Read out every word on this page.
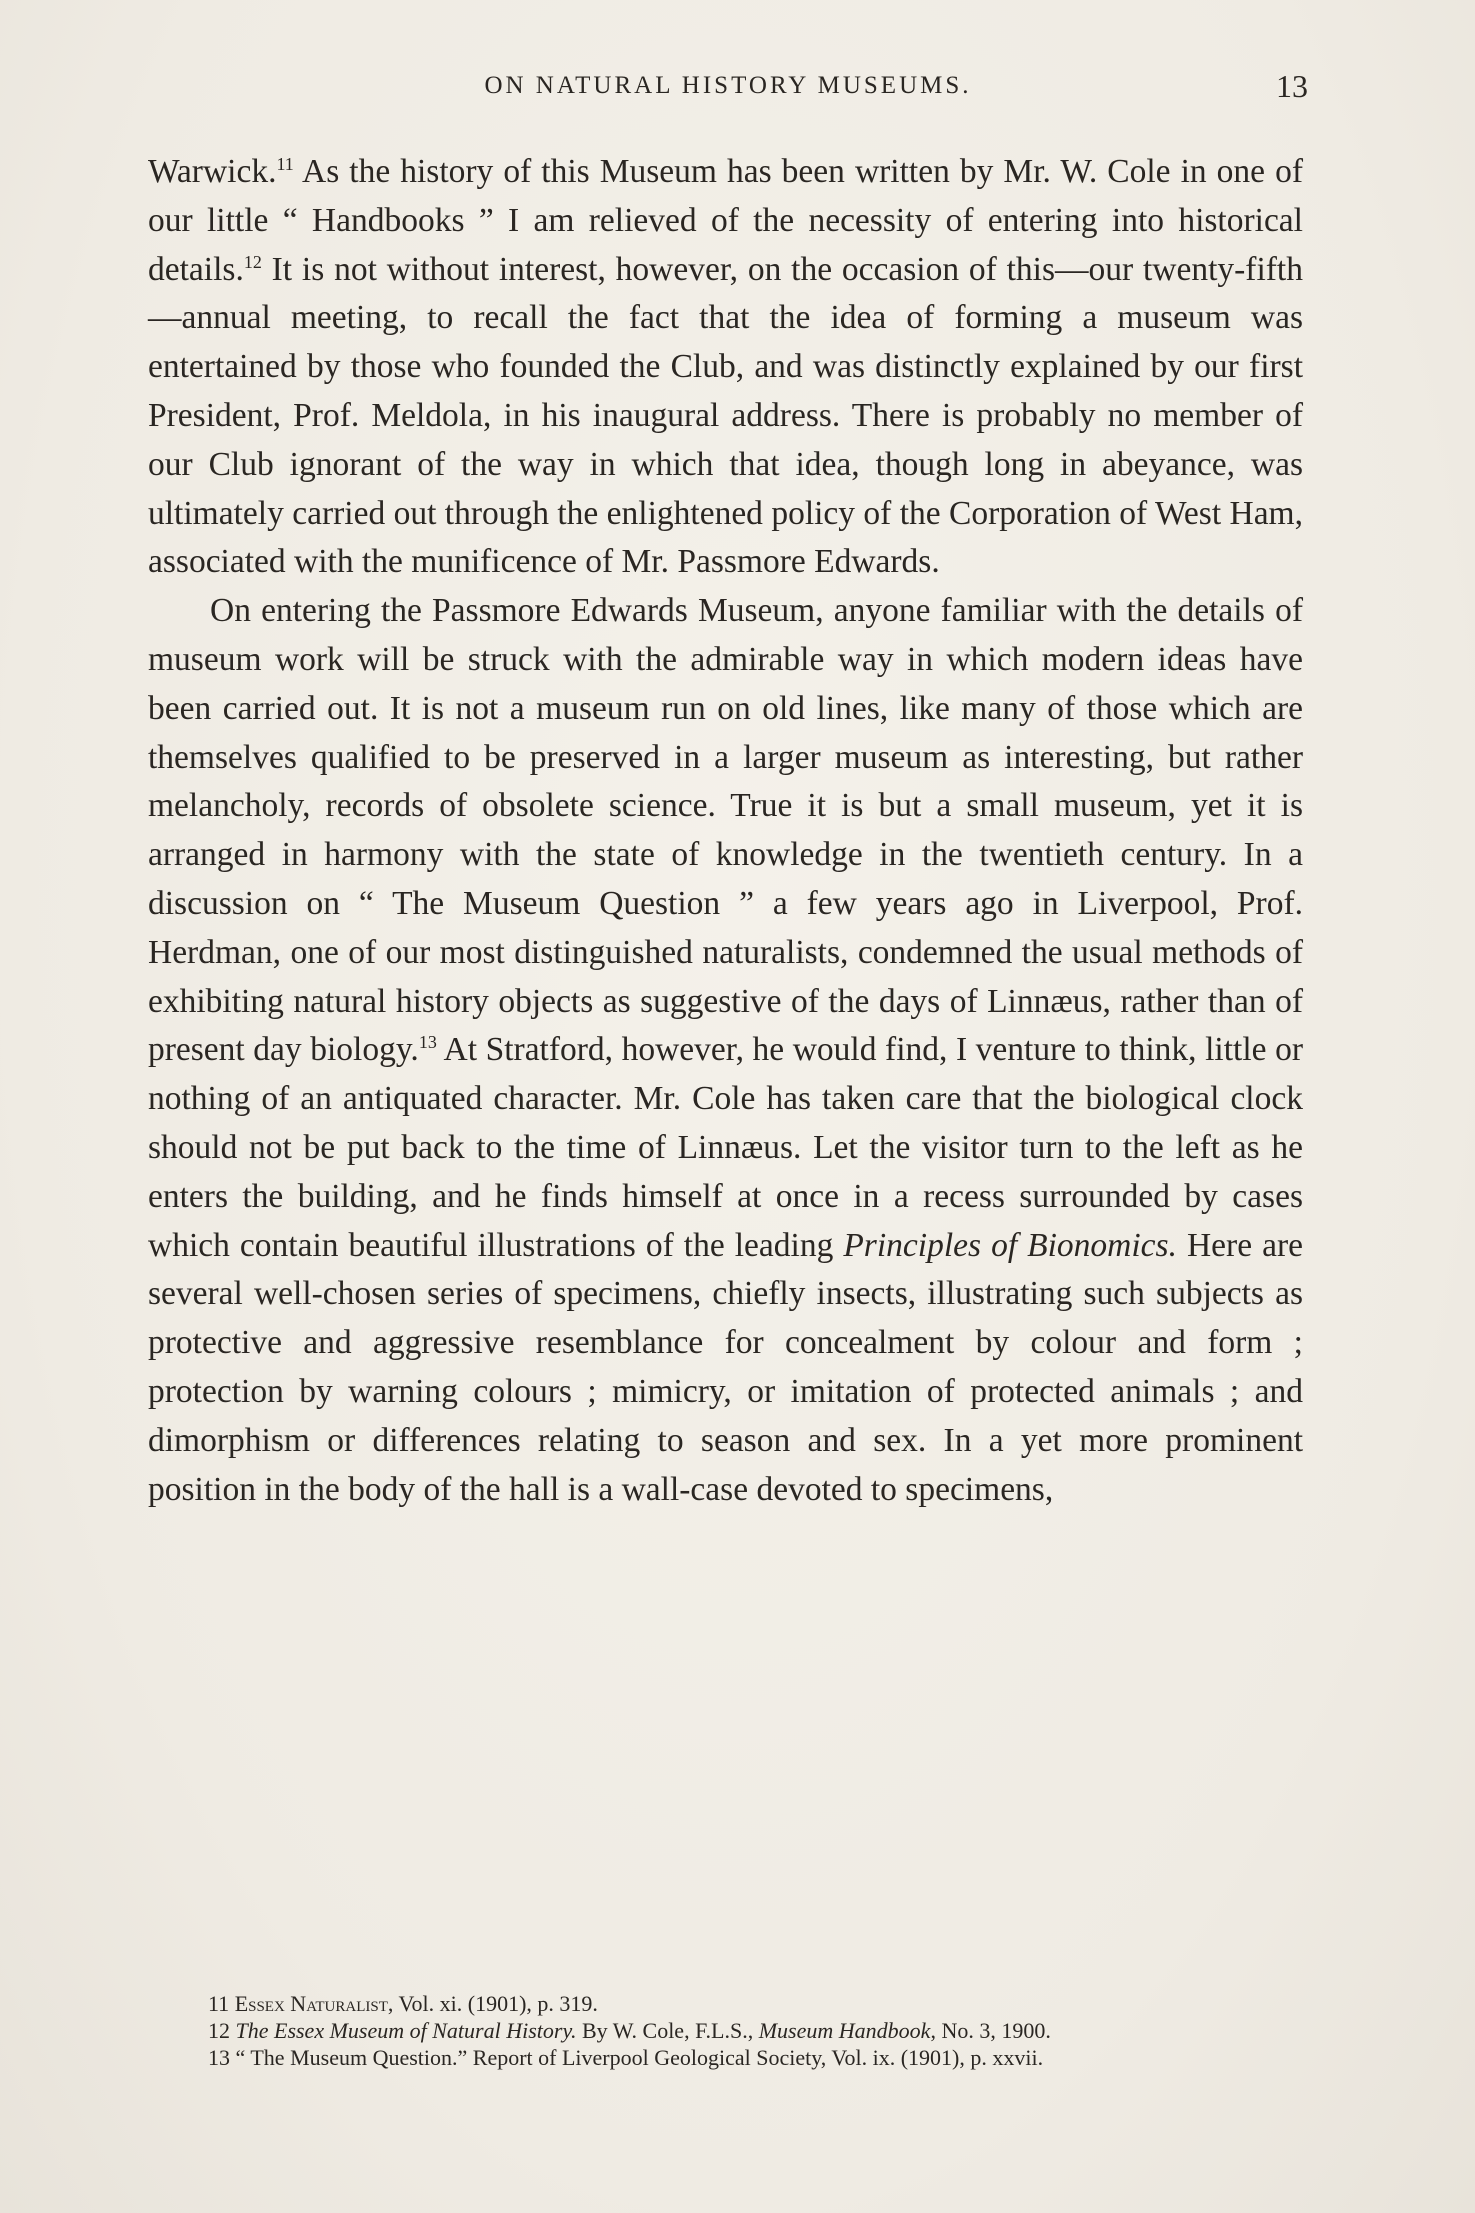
ON NATURAL HISTORY MUSEUMS.	13

Warwick.$^{11}$ As the history of this Museum has been written by Mr. W. Cole in one of our little “ Handbooks ” I am relieved of the necessity of entering into historical details.$^{12}$ It is not without interest, however, on the occasion of this—our twenty-fifth—annual meeting, to recall the fact that the idea of forming a museum was entertained by those who founded the Club, and was distinctly explained by our first President, Prof. Meldola, in his inaugural address. There is probably no member of our Club ignorant of the way in which that idea, though long in abeyance, was ultimately carried out through the enlightened policy of the Corporation of West Ham, associated with the munificence of Mr. Passmore Edwards.

On entering the Passmore Edwards Museum, anyone familiar with the details of museum work will be struck with the admirable way in which modern ideas have been carried out. It is not a museum run on old lines, like many of those which are themselves qualified to be preserved in a larger museum as interesting, but rather melancholy, records of obsolete science. True it is but a small museum, yet it is arranged in harmony with the state of knowledge in the twentieth century. In a discussion on “ The Museum Question ” a few years ago in Liverpool, Prof. Herdman, one of our most distinguished naturalists, condemned the usual methods of exhibiting natural history objects as suggestive of the days of Linnæus, rather than of present day biology.$^{13}$ At Stratford, however, he would find, I venture to think, little or nothing of an antiquated character. Mr. Cole has taken care that the biological clock should not be put back to the time of Linnæus. Let the visitor turn to the left as he enters the building, and he finds himself at once in a recess surrounded by cases which contain beautiful illustrations of the leading Principles of Bionomics. Here are several well-chosen series of specimens, chiefly insects, illustrating such subjects as protective and aggressive resemblance for concealment by colour and form ; protection by warning colours ; mimicry, or imitation of protected animals ; and dimorphism or differences relating to season and sex. In a yet more prominent position in the body of the hall is a wall-case devoted to specimens,

11 Essex Naturalist, Vol. xi. (1901), p. 319.

12 The Essex Museum of Natural History. By W. Cole, F.L.S., Museum Handbook, No. 3, 1900.

13 “ The Museum Question.” Report of Liverpool Geological Society, Vol. ix. (1901), p. xxvii.
